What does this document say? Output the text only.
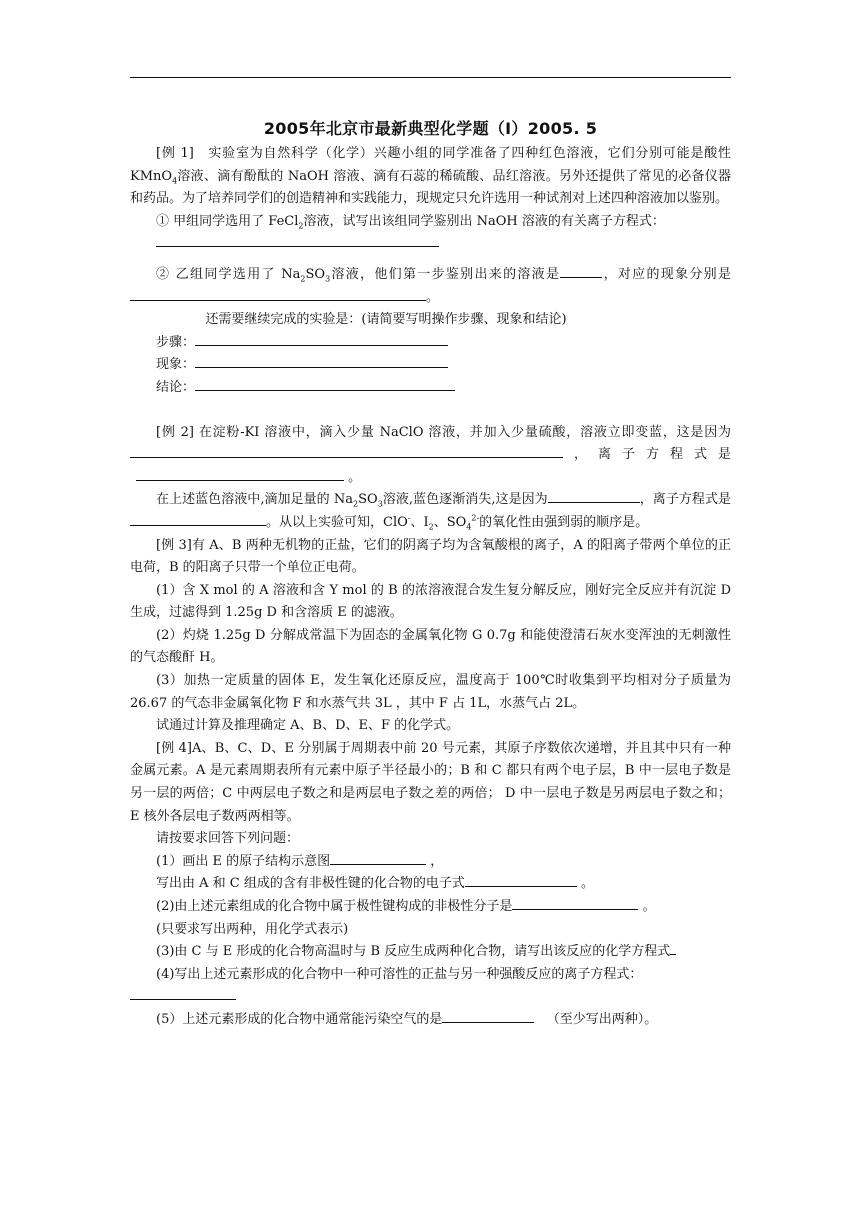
2005年北京市最新典型化学题（I）2005. 5

[例 1]　实验室为自然科学（化学）兴趣小组的同学准备了四种红色溶液，它们分别可能是酸性 KMnO$_4$溶液、滴有酚酞的 NaOH 溶液、滴有石蕊的稀硫酸、品红溶液。另外还提供了常见的必备仪器和药品。为了培养同学们的创造精神和实践能力，现规定只允许选用一种试剂对上述四种溶液加以鉴别。

① 甲组同学选用了 FeCl$_2$溶液，试写出该组同学鉴别出 NaOH 溶液的有关离子方程式：

② 乙组同学选用了 $Na_2SO_3$溶液，他们第一步鉴别出来的溶液是	，对应的现象分别是。

还需要继续完成的实验是：(请简要写明操作步骤、现象和结论)

步骤：

现象：

结论：

[例 2] 在淀粉-KI 溶液中，滴入少量 NaClO 溶液，并加入少量硫酸，溶液立即变蓝，这是因为，离子方程式是 。

在上述蓝色溶液中,滴加足量的 $Na_2SO_3$溶液,蓝色逐渐消失,这是因为	，离子方程式是。从以上实验可知，ClO-、$I_2$、$SO_4^{2-}$的氧化性由强到弱的顺序是。

[例 3]有 A、B 两种无机物的正盐，它们的阴离子均为含氧酸根的离子，A 的阳离子带两个单位的正电荷，B 的阳离子只带一个单位正电荷。

(1）含 X mol 的 A 溶液和含 Y mol 的 B 的浓溶液混合发生复分解反应，刚好完全反应并有沉淀 D 生成，过滤得到 1.25g D 和含溶质 E 的滤液。

(2）灼烧 1.25g D 分解成常温下为固态的金属氧化物 G 0.7g 和能使澄清石灰水变浑浊的无刺激性的气态酸酐 H。

(3）加热一定质量的固体 E，发生氧化还原反应，温度高于 100℃时收集到平均相对分子质量为 26.67 的气态非金属氧化物 F 和水蒸气共 3L ，其中 F 占 1L，水蒸气占 2L。

试通过计算及推理确定 A、B、D、E、F 的化学式。

[例 4]A、B、C、D、E 分别属于周期表中前 20 号元素，其原子序数依次递增，并且其中只有一种金属元素。A 是元素周期表所有元素中原子半径最小的；B 和 C 都只有两个电子层，B 中一层电子数是另一层的两倍；C 中两层电子数之和是两层电子数之差的两倍； D 中一层电子数是另两层电子数之和；E 核外各层电子数两两相等。

请按要求回答下列问题：

(1）画出 E 的原子结构示意图	，

写出由 A 和 C 组成的含有非极性键的化合物的电子式	。

(2)由上述元素组成的化合物中属于极性键构成的非极性分子是	。

(只要求写出两种，用化学式表示)

(3)由 C 与 E 形成的化合物高温时与 B 反应生成两种化合物，请写出该反应的化学方程式

(4)写出上述元素形成的化合物中一种可溶性的正盐与另一种强酸反应的离子方程式：

(5）上述元素形成的化合物中通常能污染空气的是	（至少写出两种）。
